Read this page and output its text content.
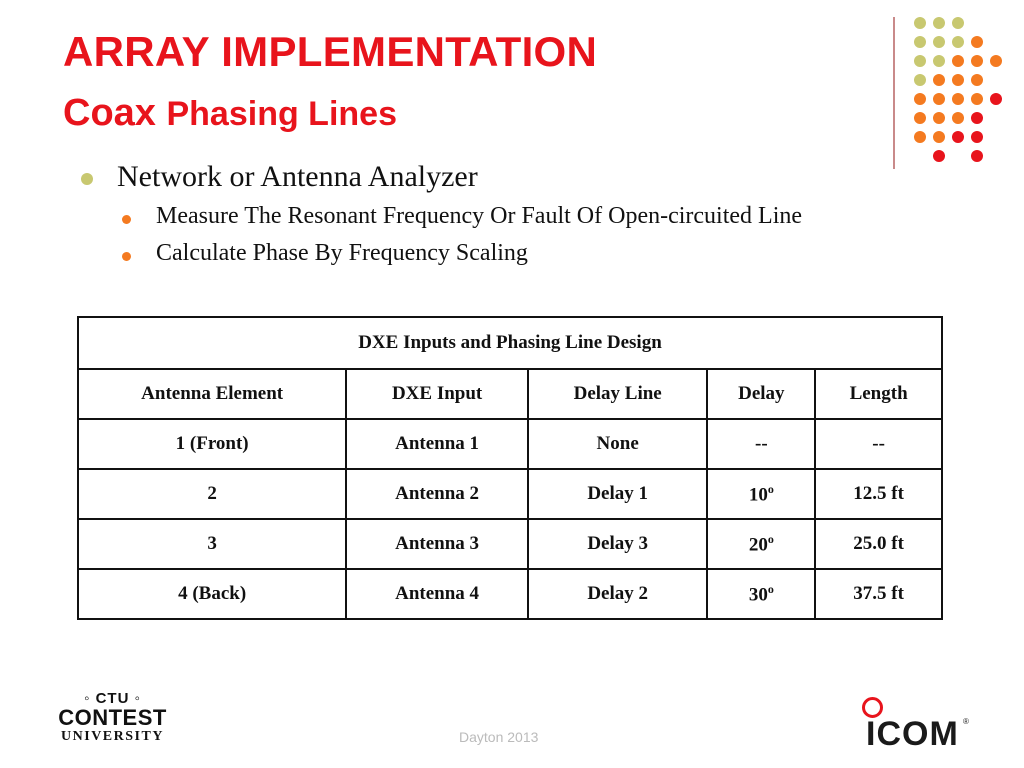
ARRAY IMPLEMENTATION
Coax Phasing Lines
Network or Antenna Analyzer
Measure The Resonant Frequency Or Fault Of Open-circuited Line
Calculate Phase By Frequency Scaling
DXE Inputs and Phasing Line Design				
Antenna Element	DXE Input	Delay Line	Delay	Length
1 (Front)	Antenna 1	None	--	--
2	Antenna 2	Delay 1	10$^o$	12.5 ft
3	Antenna 3	Delay 3	20$^o$	25.0 ft
4 (Back)	Antenna 4	Delay 2	30$^o$	37.5 ft
◦ CTU ◦
CONTEST
UNIVERSITY	Dayton 2013	ICOM ®
